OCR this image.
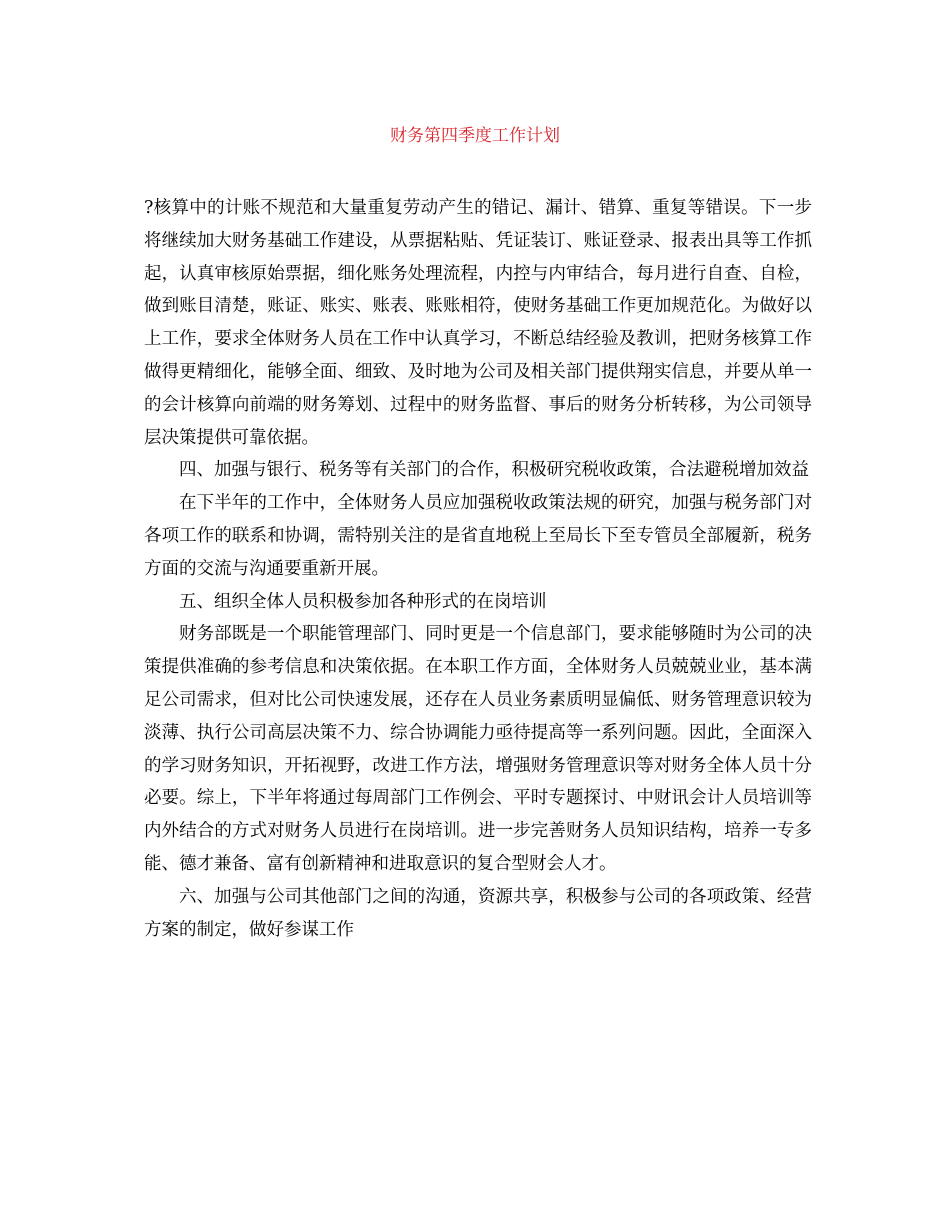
财务第四季度工作计划

?核算中的计账不规范和大量重复劳动产生的错记、漏计、错算、重复等错误。下一步将继续加大财务基础工作建设，从票据粘贴、凭证装订、账证登录、报表出具等工作抓起，认真审核原始票据，细化账务处理流程，内控与内审结合，每月进行自查、自检，做到账目清楚，账证、账实、账表、账账相符，使财务基础工作更加规范化。为做好以上工作，要求全体财务人员在工作中认真学习，不断总结经验及教训，把财务核算工作做得更精细化，能够全面、细致、及时地为公司及相关部门提供翔实信息，并要从单一的会计核算向前端的财务筹划、过程中的财务监督、事后的财务分析转移，为公司领导层决策提供可靠依据。

四、加强与银行、税务等有关部门的合作，积极研究税收政策，合法避税增加效益

在下半年的工作中，全体财务人员应加强税收政策法规的研究，加强与税务部门对各项工作的联系和协调，需特别关注的是省直地税上至局长下至专管员全部履新，税务方面的交流与沟通要重新开展。

五、组织全体人员积极参加各种形式的在岗培训

财务部既是一个职能管理部门、同时更是一个信息部门，要求能够随时为公司的决策提供准确的参考信息和决策依据。在本职工作方面，全体财务人员兢兢业业，基本满足公司需求，但对比公司快速发展，还存在人员业务素质明显偏低、财务管理意识较为淡薄、执行公司高层决策不力、综合协调能力亟待提高等一系列问题。因此，全面深入的学习财务知识，开拓视野，改进工作方法，增强财务管理意识等对财务全体人员十分必要。综上，下半年将通过每周部门工作例会、平时专题探讨、中财讯会计人员培训等内外结合的方式对财务人员进行在岗培训。进一步完善财务人员知识结构，培养一专多能、德才兼备、富有创新精神和进取意识的复合型财会人才。

六、加强与公司其他部门之间的沟通，资源共享，积极参与公司的各项政策、经营方案的制定，做好参谋工作
